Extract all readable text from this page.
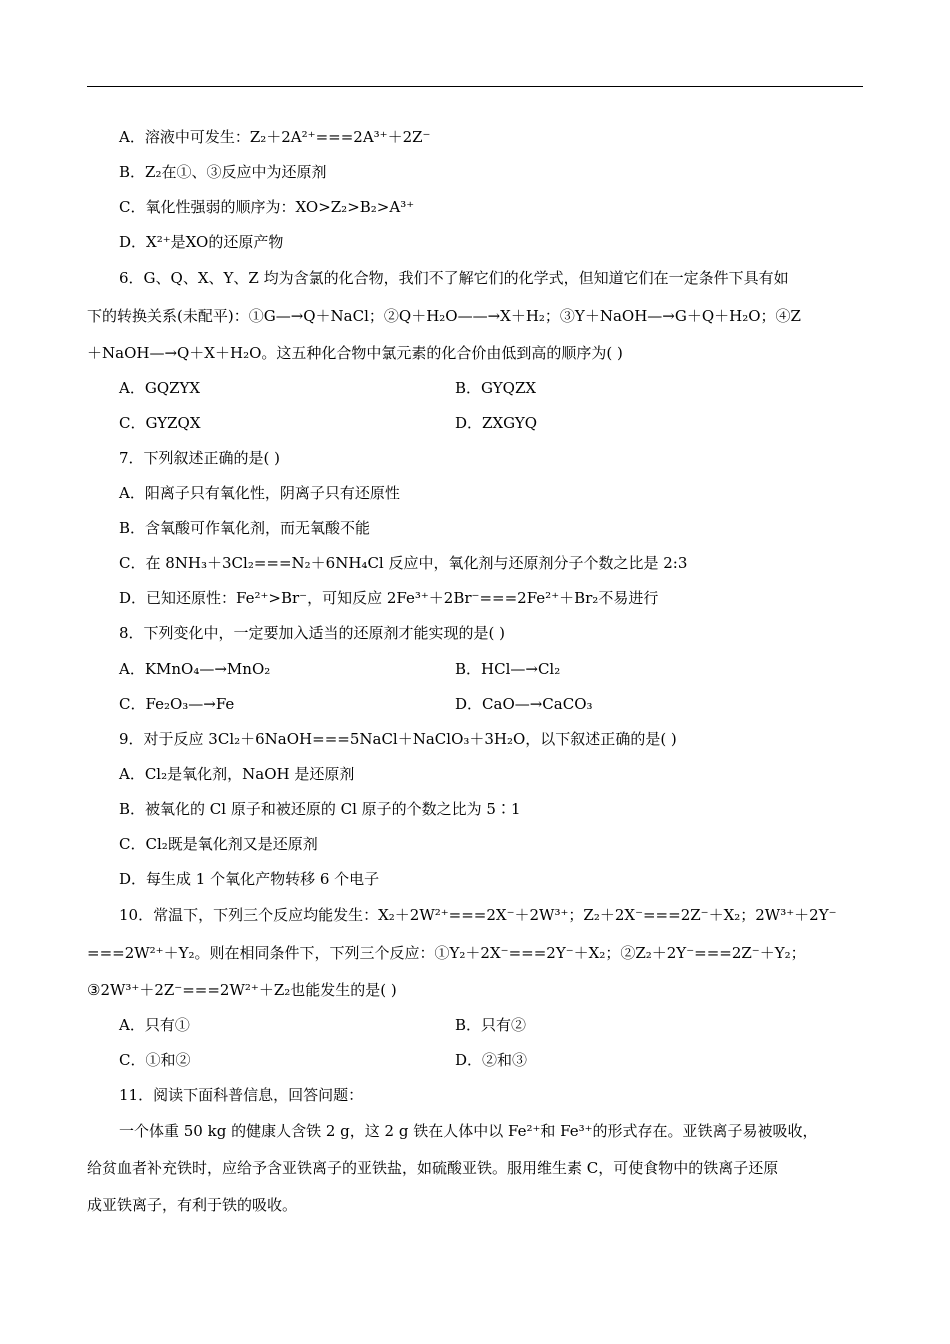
A．溶液中可发生：Z₂＋2A²⁺===2A³⁺＋2Z⁻
B．Z₂在①、③反应中为还原剂
C．氧化性强弱的顺序为：XO>Z₂>B₂>A³⁺
D．X²⁺是XO的还原产物
6．G、Q、X、Y、Z 均为含氯的化合物，我们不了解它们的化学式，但知道它们在一定条件下具有如
下的转换关系(未配平)：①G—→Q＋NaCl；②Q＋H₂O——→X＋H₂；③Y＋NaOH—→G＋Q＋H₂O；④Z
＋NaOH—→Q＋X＋H₂O。这五种化合物中氯元素的化合价由低到高的顺序为( )
A．GQZYX	B．GYQZX
C．GYZQX	D．ZXGYQ
7．下列叙述正确的是( )
A．阳离子只有氧化性，阴离子只有还原性
B．含氧酸可作氧化剂，而无氧酸不能
C．在 8NH₃＋3Cl₂===N₂＋6NH₄Cl 反应中，氧化剂与还原剂分子个数之比是 2:3
D．已知还原性：Fe²⁺>Br⁻，可知反应 2Fe³⁺＋2Br⁻===2Fe²⁺＋Br₂不易进行
8．下列变化中，一定要加入适当的还原剂才能实现的是( )
A．KMnO₄—→MnO₂	B．HCl—→Cl₂
C．Fe₂O₃—→Fe	D．CaO—→CaCO₃
9．对于反应 3Cl₂＋6NaOH===5NaCl＋NaClO₃＋3H₂O，以下叙述正确的是( )
A．Cl₂是氧化剂，NaOH 是还原剂
B．被氧化的 Cl 原子和被还原的 Cl 原子的个数之比为 5∶1
C．Cl₂既是氧化剂又是还原剂
D．每生成 1 个氧化产物转移 6 个电子
10．常温下，下列三个反应均能发生：X₂＋2W²⁺===2X⁻＋2W³⁺；Z₂＋2X⁻===2Z⁻＋X₂；2W³⁺＋2Y⁻
===2W²⁺＋Y₂。则在相同条件下，下列三个反应：①Y₂＋2X⁻===2Y⁻＋X₂；②Z₂＋2Y⁻===2Z⁻＋Y₂；
③2W³⁺＋2Z⁻===2W²⁺＋Z₂也能发生的是( )
A．只有①	B．只有②
C．①和②	D．②和③
11．阅读下面科普信息，回答问题：
一个体重 50 kg 的健康人含铁 2 g，这 2 g 铁在人体中以 Fe²⁺和 Fe³⁺的形式存在。亚铁离子易被吸收，
给贫血者补充铁时，应给予含亚铁离子的亚铁盐，如硫酸亚铁。服用维生素 C，可使食物中的铁离子还原
成亚铁离子，有利于铁的吸收。
